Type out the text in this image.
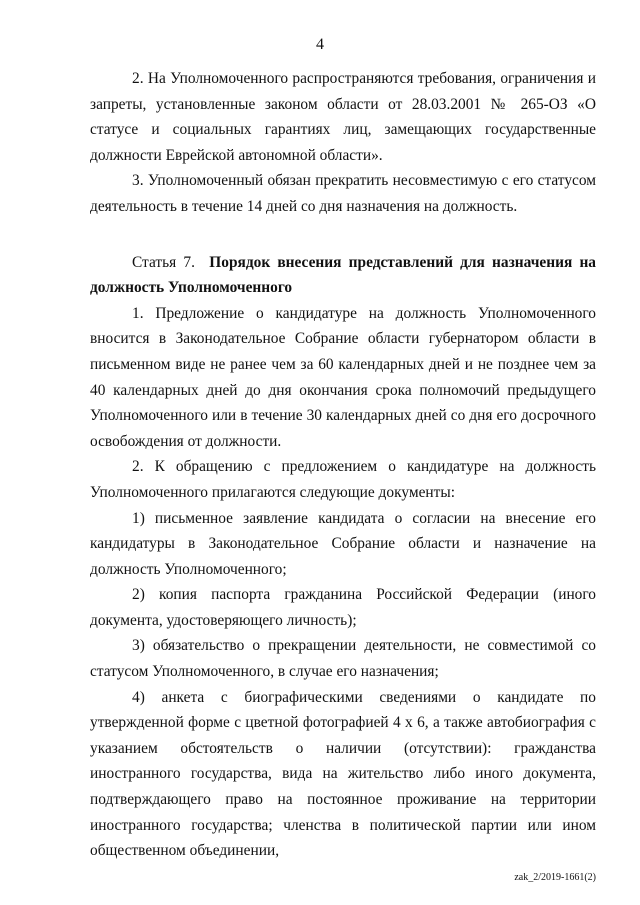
4

2. На Уполномоченного распространяются требования, ограничения и запреты, установленные законом области от 28.03.2001 № 265-ОЗ «О статусе и социальных гарантиях лиц, замещающих государственные должности Еврейской автономной области».

3. Уполномоченный обязан прекратить несовместимую с его статусом деятельность в течение 14 дней со дня назначения на должность.

Статья 7. Порядок внесения представлений для назначения на должность Уполномоченного

1. Предложение о кандидатуре на должность Уполномоченного вносится в Законодательное Собрание области губернатором области в письменном виде не ранее чем за 60 календарных дней и не позднее чем за 40 календарных дней до дня окончания срока полномочий предыдущего Уполномоченного или в течение 30 календарных дней со дня его досрочного освобождения от должности.

2. К обращению с предложением о кандидатуре на должность Уполномоченного прилагаются следующие документы:

1) письменное заявление кандидата о согласии на внесение его кандидатуры в Законодательное Собрание области и назначение на должность Уполномоченного;

2) копия паспорта гражданина Российской Федерации (иного документа, удостоверяющего личность);

3) обязательство о прекращении деятельности, не совместимой со статусом Уполномоченного, в случае его назначения;

4) анкета с биографическими сведениями о кандидате по утвержденной форме с цветной фотографией 4 х 6, а также автобиография с указанием обстоятельств о наличии (отсутствии): гражданства иностранного государства, вида на жительство либо иного документа, подтверждающего право на постоянное проживание на территории иностранного государства; членства в политической партии или ином общественном объединении,

zak_2/2019-1661(2)
